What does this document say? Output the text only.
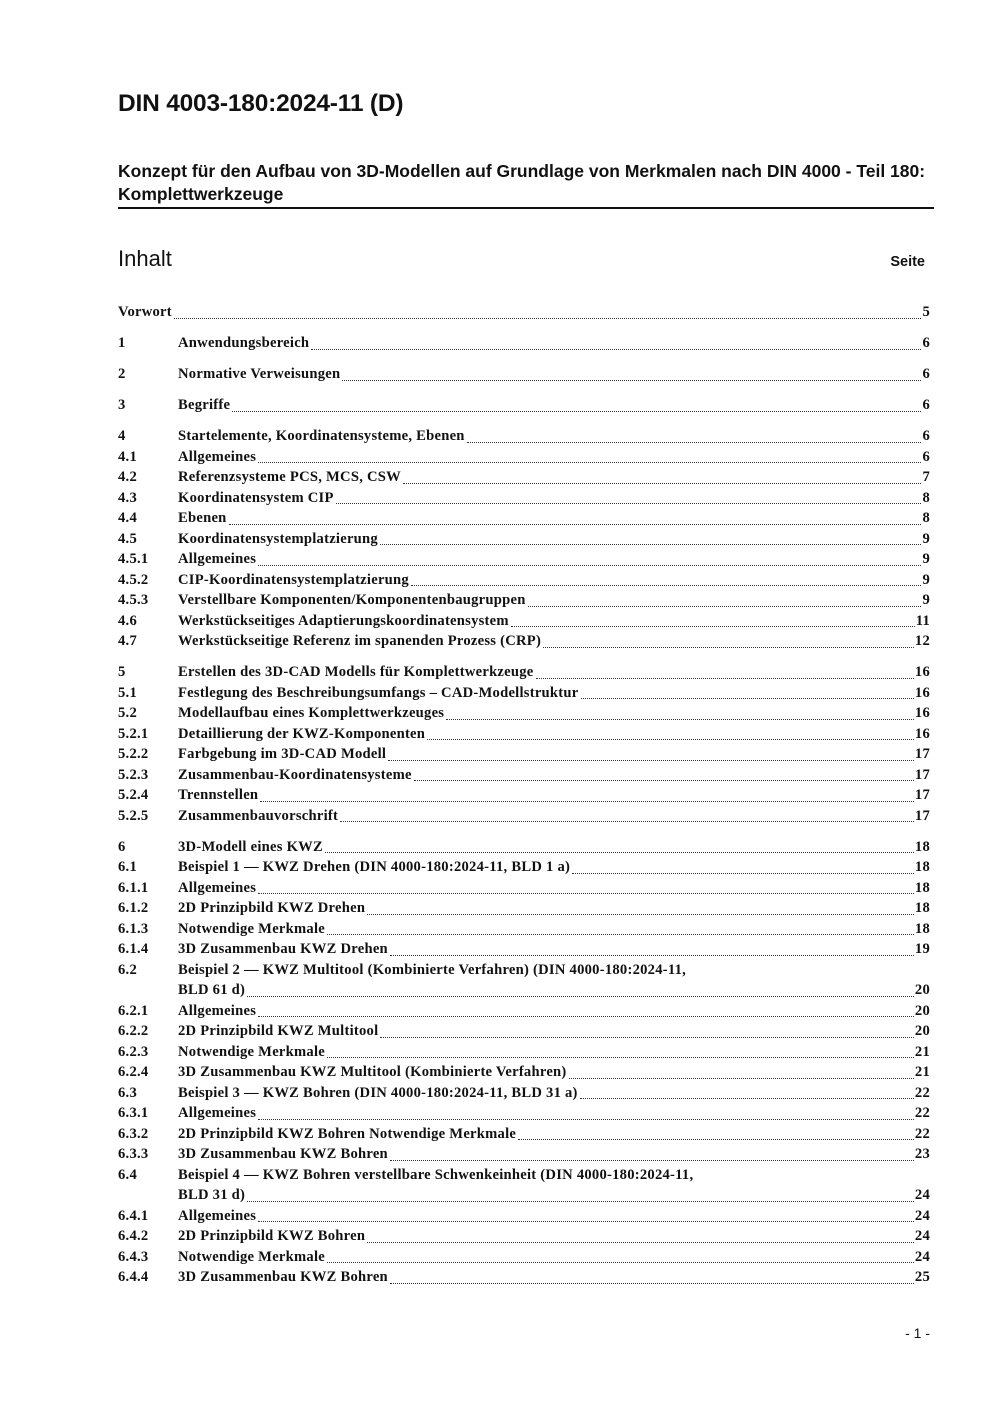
DIN 4003-180:2024-11 (D)
Konzept für den Aufbau von 3D-Modellen auf Grundlage von Merkmalen nach DIN 4000 - Teil 180: Komplettwerkzeuge
Inhalt	Seite
Vorwort	5
1	Anwendungsbereich	6
2	Normative Verweisungen	6
3	Begriffe	6
4	Startelemente, Koordinatensysteme, Ebenen	6
4.1	Allgemeines	6
4.2	Referenzsysteme PCS, MCS, CSW	7
4.3	Koordinatensystem CIP	8
4.4	Ebenen	8
4.5	Koordinatensystemplatzierung	9
4.5.1	Allgemeines	9
4.5.2	CIP-Koordinatensystemplatzierung	9
4.5.3	Verstellbare Komponenten/Komponentenbaugruppen	9
4.6	Werkstückseitiges Adaptierungskoordinatensystem	11
4.7	Werkstückseitige Referenz im spanenden Prozess (CRP)	12
5	Erstellen des 3D-CAD Modells für Komplettwerkzeuge	16
5.1	Festlegung des Beschreibungsumfangs – CAD-Modellstruktur	16
5.2	Modellaufbau eines Komplettwerkzeuges	16
5.2.1	Detaillierung der KWZ-Komponenten	16
5.2.2	Farbgebung im 3D-CAD Modell	17
5.2.3	Zusammenbau-Koordinatensysteme	17
5.2.4	Trennstellen	17
5.2.5	Zusammenbauvorschrift	17
6	3D-Modell eines KWZ	18
6.1	Beispiel 1 — KWZ Drehen (DIN 4000-180:2024-11, BLD 1 a)	18
6.1.1	Allgemeines	18
6.1.2	2D Prinzipbild KWZ Drehen	18
6.1.3	Notwendige Merkmale	18
6.1.4	3D Zusammenbau KWZ Drehen	19
6.2	Beispiel 2 — KWZ Multitool (Kombinierte Verfahren) (DIN 4000-180:2024-11,
BLD 61 d)	20
6.2.1	Allgemeines	20
6.2.2	2D Prinzipbild KWZ Multitool	20
6.2.3	Notwendige Merkmale	21
6.2.4	3D Zusammenbau KWZ Multitool (Kombinierte Verfahren)	21
6.3	Beispiel 3 — KWZ Bohren (DIN 4000-180:2024-11, BLD 31 a)	22
6.3.1	Allgemeines	22
6.3.2	2D Prinzipbild KWZ Bohren Notwendige Merkmale	22
6.3.3	3D Zusammenbau KWZ Bohren	23
6.4	Beispiel 4 — KWZ Bohren verstellbare Schwenkeinheit (DIN 4000-180:2024-11,
BLD 31 d)	24
6.4.1	Allgemeines	24
6.4.2	2D Prinzipbild KWZ Bohren	24
6.4.3	Notwendige Merkmale	24
6.4.4	3D Zusammenbau KWZ Bohren	25
- 1 -
